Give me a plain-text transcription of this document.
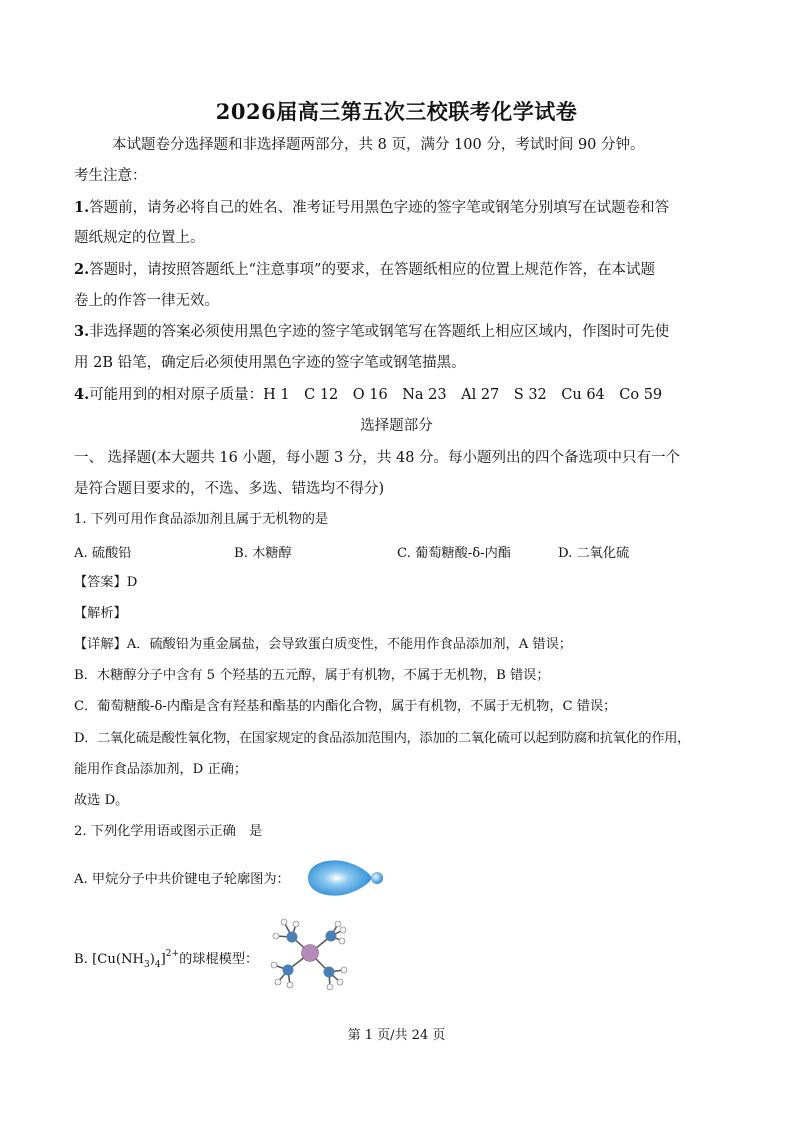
2026届高三第五次三校联考化学试卷
本试题卷分选择题和非选择题两部分，共 8 页，满分 100 分，考试时间 90 分钟。
考生注意：
1.答题前，请务必将自己的姓名、准考证号用黑色字迹的签字笔或钢笔分别填写在试题卷和答
题纸规定的位置上。
2.答题时，请按照答题纸上“注意事项”的要求，在答题纸相应的位置上规范作答，在本试题
卷上的作答一律无效。
3.非选择题的答案必须使用黑色字迹的签字笔或钢笔写在答题纸上相应区域内，作图时可先使
用 2B 铅笔，确定后必须使用黑色字迹的签字笔或钢笔描黑。
4.可能用到的相对原子质量：H 1　C 12　O 16　Na 23　Al 27　S 32　Cu 64　Co 59
选择题部分
一、 选择题(本大题共 16 小题，每小题 3 分，共 48 分。每小题列出的四个备选项中只有一个
是符合题目要求的，不选、多选、错选均不得分)
1. 下列可用作食品添加剂且属于无机物的是
A. 硫酸铅	B. 木糖醇	C. 葡萄糖酸-δ-内酯	D. 二氧化硫
【答案】D
【解析】
【详解】A．硫酸铅为重金属盐，会导致蛋白质变性，不能用作食品添加剂，A 错误；
B．木糖醇分子中含有 5 个羟基的五元醇，属于有机物，不属于无机物，B 错误；
C．葡萄糖酸-δ-内酯是含有羟基和酯基的内酯化合物，属于有机物，不属于无机物，C 错误；
D．二氧化硫是酸性氧化物，在国家规定的食品添加范围内，添加的二氧化硫可以起到防腐和抗氧化的作用，
能用作食品添加剂，D 正确；
故选 D。
2. 下列化学用语或图示正确　是
A. 甲烷分子中共价键电子轮廓图为：
B. $[Cu(NH_3)_4]^{2+}$的球棍模型：
第 1 页/共 24 页
